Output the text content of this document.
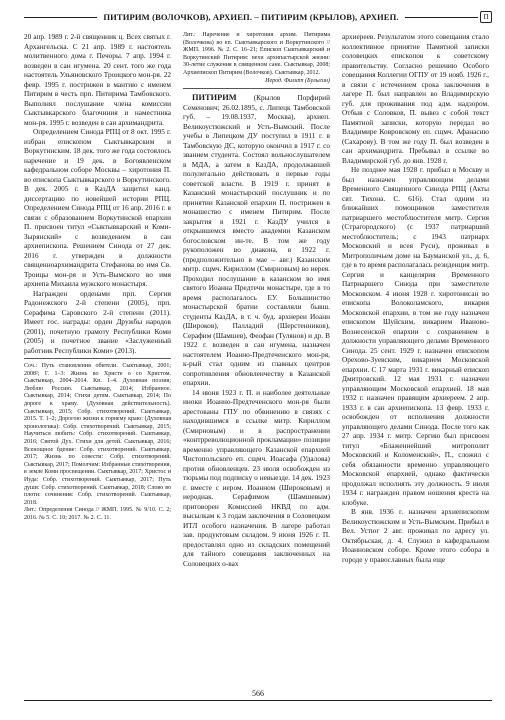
ПИТИРИМ (ВОЛОЧКОВ), АРХИЕП. – ПИТИРИМ (КРЫЛОВ), АРХИЕП.	П

20 апр. 1989 г. 2-й священник ц. Всех святых г. Архангельска. С 21 апр. 1989 г. настоятель молитвенного дома г. Печоры. 7 апр. 1994 г. возведен в сан игумена. 20 сент. того же года настоятель Ульяновского Троицкого мон-ря. 22 февр. 1995 г. пострижен в мантию с именем Питирим в честь прп. Питирима Тамбовского. Выполнял послушание члена комиссии Сыктывкарского благочиния и наместника мон-ря. 1995 г. возведен в сан архимандрита.

Определением Синода РПЦ от 8 окт. 1995 г. избран епископом Сыктывкарским и Воркутинским. 18 дек. того же года состоялось наречение и 19 дек. в Богоявленском кафедральном соборе Москвы – хиротония П. во епископа Сыктывкарского и Воркутинского. В дек. 2005 г. в КазДА защитил канд. диссертацию по новейшей истории РПЦ. Определением Синода РПЦ от 16 апр. 2016 г. в связи с образованием Воркутинской епархии П. присвоен титул «Сыктывкарский и Коми-Зырянский» с возведением в сан архиепископа. Решением Синода от 27 дек. 2016 г. утвержден в должности священноархимандрита Стефанова во имя Св. Троицы мон-ря и Усть-Вымского во имя архиепа Михаила мужского монастыря.

Награжден орденами прп. Сергия Радонежского 2-й степени (2005), прп. Серафима Саровского 2-й степени (2011). Имеет гос. награды: орден Дружбы народов (2001), почетную грамоту Республики Коми (2005) и почетное звание «Заслуженный работник Республики Коми» (2013).

Соч.: Путь становления обители. Сыктывкар, 2001; 2008²; Г. 1–3: Жизнь во Христе о со Христом. Сыктывкар, 2004–2014. Кн. 1–4. Духовная поэзия; Люблю Россию. Сыктывкар, 2014; Избранное. Сыктывкар, 2014; Стихи детям. Сыктывкар, 2014; По дороге к храму. (Духовная действительность). Сыктывкар, 2015; Собр. стихотворений. Сыктывкар, 2015. Т. 1–2; Дорогою жизни к горнему краю: (Духовная хронологика): Собр. стихотворений. Сыктывкар, 2015; Научиться любить: Собр. стихотворений. Сыктывкар, 2016; Святой Дух. Стихи для детей. Сыктывкар, 2016; Всенощное бдение: Собр. стихотворений. Сыктывкар, 2017; Жизнь по совести: Собр. стихотворений. Сыктывкар, 2017; Помолчим: Избранные стихотворения, в земле Коми просвещении. Сыктывкар, 2017; Христос и Иуда: Собр. стихотворений. Сыктывкар, 2017; Путь души: Собр. стихотворений. Сыктывкар, 2018; Слово во плоти: сочинения: Собр. стихотворений. Сыктывкар, 2018.

Лит.: Определения Синода // ЖМП. 1995. № 9/10. С. 2; 2016. № 5. С. 10; 2017. № 2. С. 11.

Лит.: Наречение и хиротония архим. Питирима (Волочкова) во еп. Сыктывкарского и Воркутинского // ЖМП. 1996. № 2. С. 16–21; Епископ Сыктывкарский и Воркутинский Питирим: вехи архипастырской жизни: 30-летие служения в священном сане. Сыктывкар, 2008; Архиепископ Питирим (Волочков). Сыктывкар, 2012.

Иерод. Филипп (Булыгин)

ПИТИРИМ (Крылов Порфирий Семенович; 26.02.1895, с. Липецк Тамбовской губ. – 19.08.1937, Москва), архиеп. Великоустюжский и Усть-Вымский. После учебы в Липецком ДУ поступил в 1911 г. в Тамбовскую ДС, которую окончил в 1917 г. со званием студента. Состоял вольнослушателем в МДА, а затем в КазДА, продолжавшей полулегально действовать в первые годы советской власти. В 1919 г. принят в Казанский монастырский послушник и по принятии Казанской епархии П. пострижен в монашество с именем Питирим. После закрытия в 1921 г. КазДУ учился в открывшемся вместо академии Казанском богословском ин-те. В том же году рукоположен во диакона, в 1922 г. (предположительно в мае – авг.) Казанским митр. сщмч. Кириллом (Смирновым) во иерея. Проходил послушание в казанском во имя святого Иоанна Предтечи монастыре, где в то время располагалось ЕУ. Большинство монастырской братии составляли бывш. студенты КазДА, в т. ч. буд. архиереи Иоанн (Широков), Палладий (Шерстенников), Серафим (Шамшев), Феофан (Тулянов) и др. В 1922 г. возведен в сан игумена, назначен настоятелем Иоанно-Предтеченского мон-ря, к-рый стал одним из главных центров сопротивления обновленчеству в Казанской епархии.

14 июня 1923 г. П. и наиболее деятельные иноки Иоанно-Предтеченского мон-ря были арестованы ГПУ по обвинению в связях с находившимся в ссылке митр. Кириллом (Смирновым) и в распространении «контрреволюционной прокламации» позиции временно управляющего Казанской епархией Чистопольского еп. сщмч. Иоасафа (Удалова) против обновленцев. 23 июля освобожден из тюрьмы под подписку о невыезде. 14 дек. 1923 г. вместе с иером. Иоанном (Широковым) и иеродиак. Серафимом (Шамшевым) приговорен Комиссией НКВД по адм. высылкам к 3 годам заключения в Соловецком ИТЛ особого назначения. В лагере работал зав. продуктовым складом. 9 июня 1926 г. П. предоставлял одно из складских помещений для тайного совещания заключенных на Соловецких о-вах

архиереев. Результатом этого совещания стало коллективное принятие Памятной записки соловецких епископов к советскому правительству. Согласно решению Особого совещания Коллегии ОГПУ от 19 нояб. 1926 г., в связи с истечением срока заключения в лагере П. был направлен во Владимирскую губ. для проживания под адм. надзором. Отбыв с Соловков, П. вывез с собой текст Памятной записки, которую передал во Владимире Ковровскому еп. сщмч. Афанасию (Сахарову). В том же году П. был возведен в сан архимандрита. Пребывал в ссылке во Владимирской губ. до янв. 1928 г.

Не позднее мая 1928 г. прибыл в Москву и был назначен управляющим делами Временного Священного Синода РПЦ (Акты свт. Тихона. С. 616). Стал одним из ближайших помощников заместителя патриаршего местоблюстителя митр. Сергия (Страгородского) (с 1937 патриарший местоблюститель; с 1943 патриарх Московский и всея Руси), проживал в Митрополичьем доме на Бауманской ул., д. 6, где в то время располагалась резиденция митр. Сергия и канцелярия Временного Патриаршего Синода при заместителе Московском. 4 июня 1928 г. хиротонисан во епископа Волоколамского, викария Московской епархии, в том же году назначен епископом Шуйским, викарием Иваново-Вознесенской епархии с сохранением в должности управляющего делами Временного Синода. 25 сент. 1929 г. назначен епископом Орехово-Зуевским, викарием Московской епархии. С 17 марта 1931 г. викарный епископ Дмитровский. 12 мая 1931 г. назначен управляющим Московской епархией. 18 мая 1932 г. назначен правящим архиереем. 2 апр. 1933 г. в сан архиепископа. 13 февр. 1933 г. освобожден от исполнения должности управляющего делами Синода. После того как 27 апр. 1934 г. митр. Сергию был присвоен титул «Блаженнейший митрополит Московский и Коломенский», П., сложил с себя обязанности временно управляющего Московской епархией, однако фактически продолжал исполнять эту должность. 9 июля 1934 г. награжден правом ношения креста на клобуке.

В янв. 1936 г. назначен архиепископом Великоустюжским и Усть-Вымским. Прибыл в Вел. Устюг 2 авг. проживал по адресу ул. Октябрьская, д. 4. Служил в кафедральном Иоанновском соборе. Кроме этого собора в городе у православных была еще

566
